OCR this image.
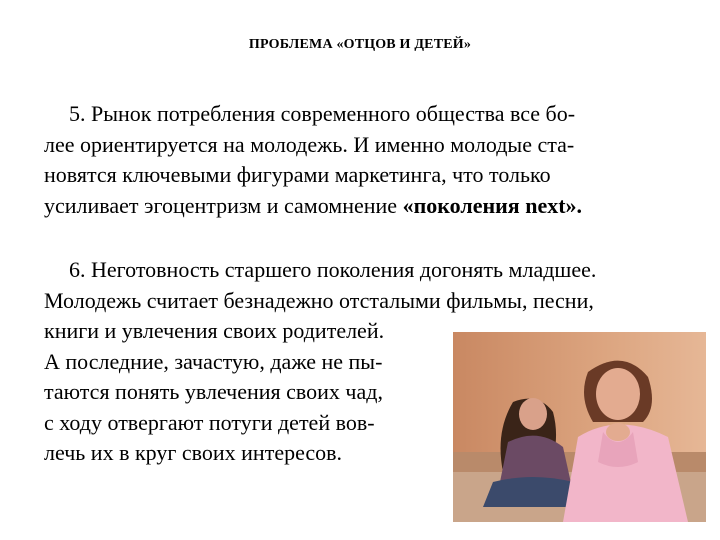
ПРОБЛЕМА «ОТЦОВ И ДЕТЕЙ»
5. Рынок потребления современного общества все бо-
лее ориентируется на молодежь. И именно молодые ста-
новятся ключевыми фигурами маркетинга, что только
усиливает эгоцентризм и самомнение «поколения next».
6. Неготовность старшего поколения догонять младшее.
Молодежь считает безнадежно отсталыми фильмы, песни,
книги и увлечения своих родителей.
А последние, зачастую, даже не пы-
таются понять увлечения своих чад,
с ходу отвергают потуги детей вов-
лечь их в круг своих интересов.
